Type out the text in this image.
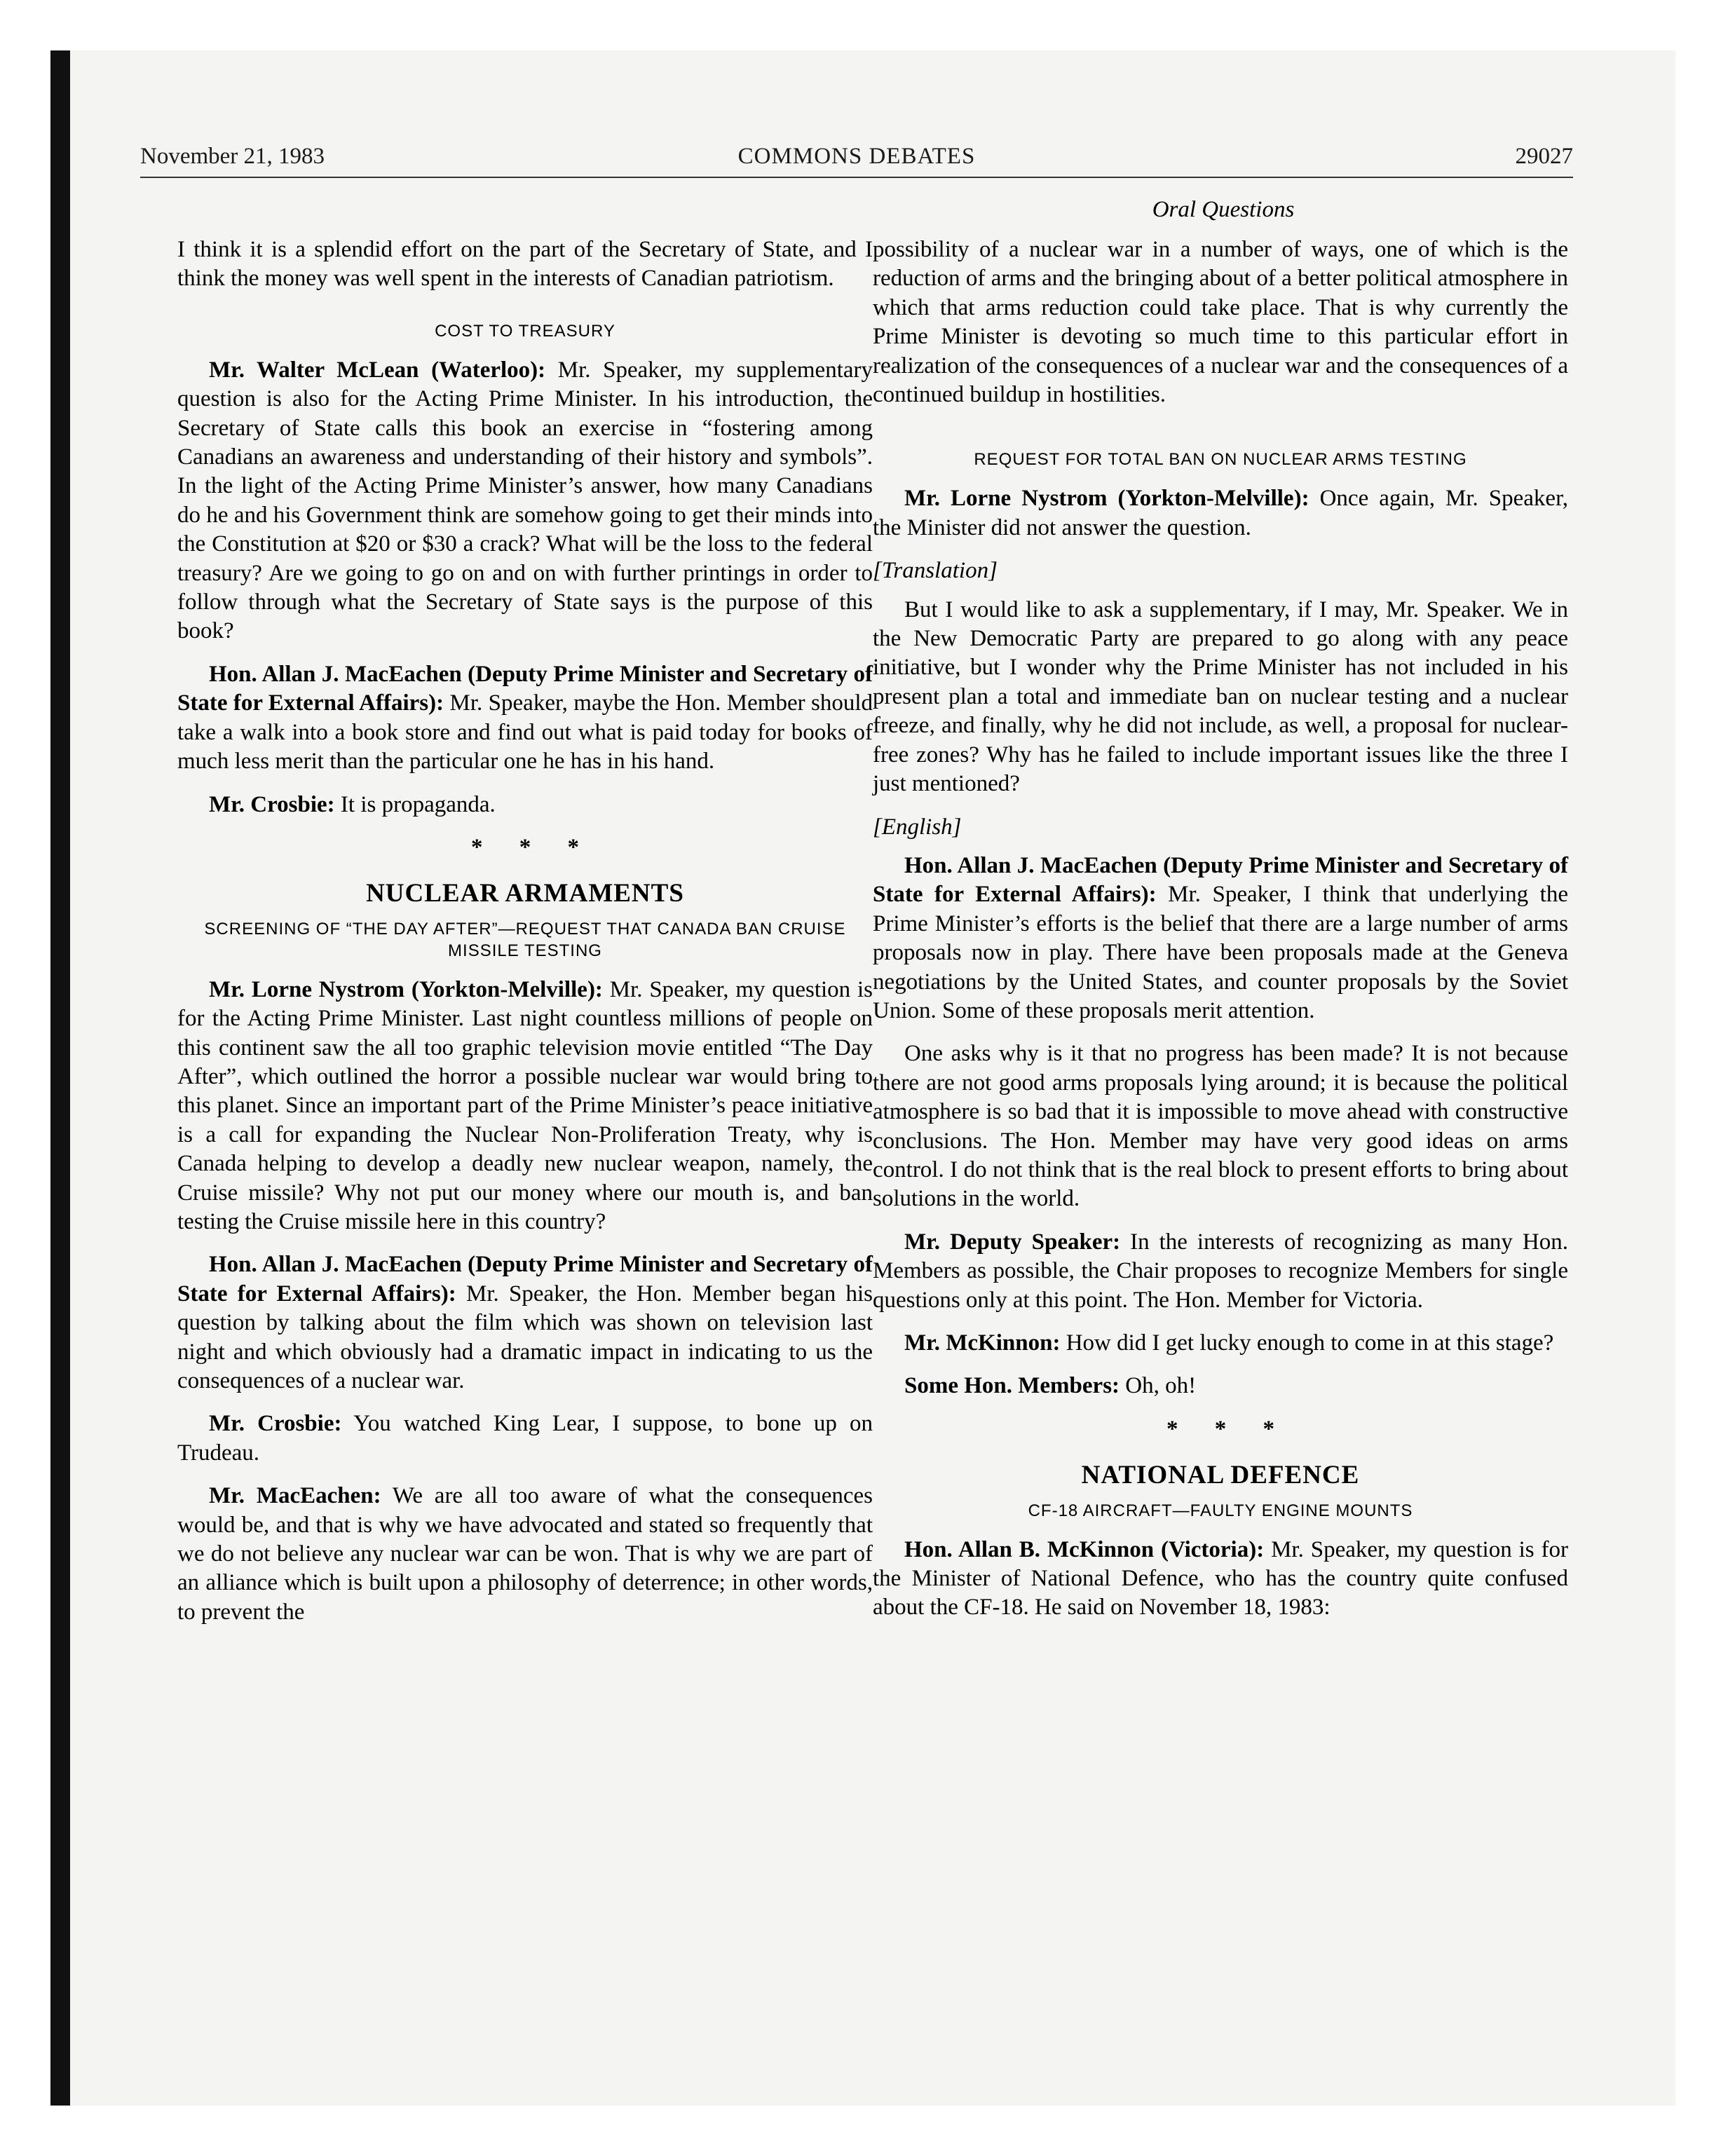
November 21, 1983	COMMONS DEBATES	29027
Oral Questions

I think it is a splendid effort on the part of the Secretary of State, and I think the money was well spent in the interests of Canadian patriotism.

COST TO TREASURY

Mr. Walter McLean (Waterloo): Mr. Speaker, my supplementary question is also for the Acting Prime Minister. In his introduction, the Secretary of State calls this book an exercise in “fostering among Canadians an awareness and understanding of their history and symbols”. In the light of the Acting Prime Minister’s answer, how many Canadians do he and his Government think are somehow going to get their minds into the Constitution at $20 or $30 a crack? What will be the loss to the federal treasury? Are we going to go on and on with further printings in order to follow through what the Secretary of State says is the purpose of this book?

Hon. Allan J. MacEachen (Deputy Prime Minister and Secretary of State for External Affairs): Mr. Speaker, maybe the Hon. Member should take a walk into a book store and find out what is paid today for books of much less merit than the particular one he has in his hand.

Mr. Crosbie: It is propaganda.

* * *
NUCLEAR ARMAMENTS
SCREENING OF “THE DAY AFTER”—REQUEST THAT CANADA BAN CRUISE MISSILE TESTING

Mr. Lorne Nystrom (Yorkton-Melville): Mr. Speaker, my question is for the Acting Prime Minister. Last night countless millions of people on this continent saw the all too graphic television movie entitled “The Day After”, which outlined the horror a possible nuclear war would bring to this planet. Since an important part of the Prime Minister’s peace initiative is a call for expanding the Nuclear Non-Proliferation Treaty, why is Canada helping to develop a deadly new nuclear weapon, namely, the Cruise missile? Why not put our money where our mouth is, and ban testing the Cruise missile here in this country?

Hon. Allan J. MacEachen (Deputy Prime Minister and Secretary of State for External Affairs): Mr. Speaker, the Hon. Member began his question by talking about the film which was shown on television last night and which obviously had a dramatic impact in indicating to us the consequences of a nuclear war.

Mr. Crosbie: You watched King Lear, I suppose, to bone up on Trudeau.

Mr. MacEachen: We are all too aware of what the consequences would be, and that is why we have advocated and stated so frequently that we do not believe any nuclear war can be won. That is why we are part of an alliance which is built upon a philosophy of deterrence; in other words, to prevent the

possibility of a nuclear war in a number of ways, one of which is the reduction of arms and the bringing about of a better political atmosphere in which that arms reduction could take place. That is why currently the Prime Minister is devoting so much time to this particular effort in realization of the consequences of a nuclear war and the consequences of a continued buildup in hostilities.

REQUEST FOR TOTAL BAN ON NUCLEAR ARMS TESTING

Mr. Lorne Nystrom (Yorkton-Melville): Once again, Mr. Speaker, the Minister did not answer the question.

[Translation]

But I would like to ask a supplementary, if I may, Mr. Speaker. We in the New Democratic Party are prepared to go along with any peace initiative, but I wonder why the Prime Minister has not included in his present plan a total and immediate ban on nuclear testing and a nuclear freeze, and finally, why he did not include, as well, a proposal for nuclear-free zones? Why has he failed to include important issues like the three I just mentioned?

[English]

Hon. Allan J. MacEachen (Deputy Prime Minister and Secretary of State for External Affairs): Mr. Speaker, I think that underlying the Prime Minister’s efforts is the belief that there are a large number of arms proposals now in play. There have been proposals made at the Geneva negotiations by the United States, and counter proposals by the Soviet Union. Some of these proposals merit attention.

One asks why is it that no progress has been made? It is not because there are not good arms proposals lying around; it is because the political atmosphere is so bad that it is impossible to move ahead with constructive conclusions. The Hon. Member may have very good ideas on arms control. I do not think that is the real block to present efforts to bring about solutions in the world.

Mr. Deputy Speaker: In the interests of recognizing as many Hon. Members as possible, the Chair proposes to recognize Members for single questions only at this point. The Hon. Member for Victoria.

Mr. McKinnon: How did I get lucky enough to come in at this stage?

Some Hon. Members: Oh, oh!

* * *
NATIONAL DEFENCE
CF-18 AIRCRAFT—FAULTY ENGINE MOUNTS

Hon. Allan B. McKinnon (Victoria): Mr. Speaker, my question is for the Minister of National Defence, who has the country quite confused about the CF-18. He said on November 18, 1983:
